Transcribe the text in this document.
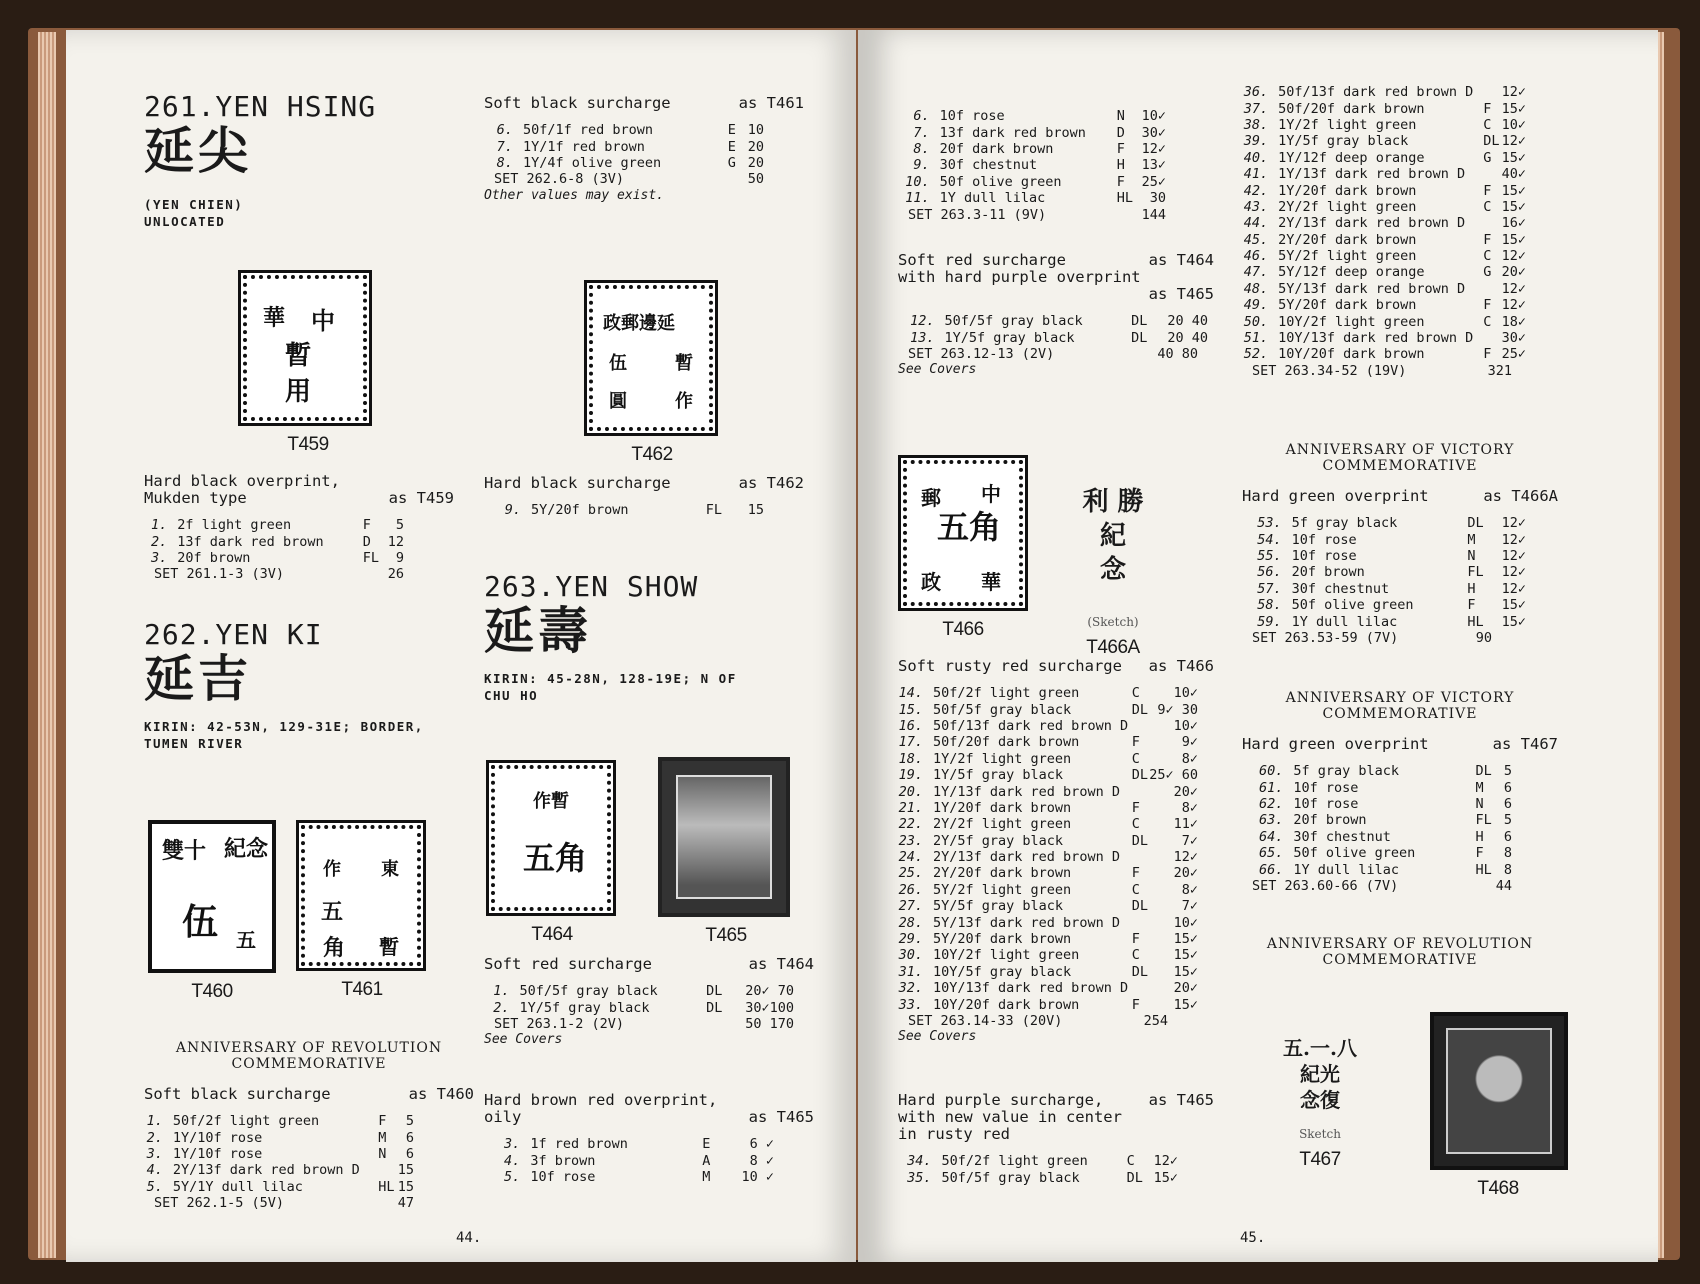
261.YEN HSING
延尖
(YEN CHIEN)
UNLOCATED
中
華
暫
用
T459
Hard black overprint,
Mukden type	as T459
1.	2f light green	F	5
2.	13f dark red brown	D	12
3.	20f brown	FL	9
SET 261.1-3 (3V)	26
262.YEN KI
延吉
KIRIN: 42-53N, 129-31E; BORDER,
TUMEN RIVER
雙十 紀念
伍 五
T460
作 東
五
角 暫
T461
ANNIVERSARY OF REVOLUTION
COMMEMORATIVE
Soft black surcharge	as T460
1.	50f/2f light green	F	5
2.	1Y/10f rose	M	6
3.	1Y/10f rose	N	6
4.	2Y/13f dark red brown D		15
5.	5Y/1Y dull lilac	HL	15
SET 262.1-5 (5V)	47
Soft black surcharge	as T461
6.	50f/1f red brown	E	10
7.	1Y/1f red brown	E	20
8.	1Y/4f olive green	G	20
SET 262.6-8 (3V)	50
Other values may exist.
政郵邊延
伍	暫
圓	作
T462
Hard black surcharge	as T462
9.	5Y/20f brown	FL	15
263.YEN SHOW
延壽
KIRIN: 45-28N, 128-19E; N OF
CHU HO
作暫
五角
T464	T465
Soft red surcharge	as T464
1.	50f/5f gray black	DL	20✓ 70
2.	1Y/5f gray black	DL	30✓100
SET 263.1-2 (2V)	50 170
See Covers
Hard brown red overprint,
oily	as T465
3.	1f red brown	E	6 ✓
4.	3f brown	A	8 ✓
5.	10f rose	M	10 ✓
44.
6.	10f rose	N	10✓
7.	13f dark red brown	D	30✓
8.	20f dark brown	F	12✓
9.	30f chestnut	H	13✓
10.	50f olive green	F	25✓
11.	1Y dull lilac	HL	30
SET 263.3-11 (9V)	144
Soft red surcharge	as T464
with hard purple overprint
as T465
12.	50f/5f gray black	DL	20 40
13.	1Y/5f gray black	DL	20 40
SET 263.12-13 (2V)	40 80
See Covers
郵 中
五角
政 華
T466
利 勝
紀
念
(Sketch)
T466A
Soft rusty red surcharge as T466
14.	50f/2f light green	C	10✓
15.	50f/5f gray black	DL	9✓ 30
16.	50f/13f dark red brown D		10✓
17.	50f/20f dark brown	F	9✓
18.	1Y/2f light green	C	8✓
19.	1Y/5f gray black	DL	25✓ 60
20.	1Y/13f dark red brown D		20✓
21.	1Y/20f dark brown	F	8✓
22.	2Y/2f light green	C	11✓
23.	2Y/5f gray black	DL	7✓
24.	2Y/13f dark red brown D		12✓
25.	2Y/20f dark brown	F	20✓
26.	5Y/2f light green	C	8✓
27.	5Y/5f gray black	DL	7✓
28.	5Y/13f dark red brown D		10✓
29.	5Y/20f dark brown	F	15✓
30.	10Y/2f light green	C	15✓
31.	10Y/5f gray black	DL	15✓
32.	10Y/13f dark red brown D		20✓
33.	10Y/20f dark brown	F	15✓
SET 263.14-33 (20V)	254
See Covers
Hard purple surcharge,	as T465
with new value in center
in rusty red
34.	50f/2f light green	C	12✓
35.	50f/5f gray black	DL	15✓
36.	50f/13f dark red brown D		12✓
37.	50f/20f dark brown	F	15✓
38.	1Y/2f light green	C	10✓
39.	1Y/5f gray black	DL	12✓
40.	1Y/12f deep orange	G	15✓
41.	1Y/13f dark red brown D		40✓
42.	1Y/20f dark brown	F	15✓
43.	2Y/2f light green	C	15✓
44.	2Y/13f dark red brown D		16✓
45.	2Y/20f dark brown	F	15✓
46.	5Y/2f light green	C	12✓
47.	5Y/12f deep orange	G	20✓
48.	5Y/13f dark red brown D		12✓
49.	5Y/20f dark brown	F	12✓
50.	10Y/2f light green	C	18✓
51.	10Y/13f dark red brown D		30✓
52.	10Y/20f dark brown	F	25✓
SET 263.34-52 (19V)	321
ANNIVERSARY OF VICTORY
COMMEMORATIVE
Hard green overprint	as T466A
53.	5f gray black	DL	12✓
54.	10f rose	M	12✓
55.	10f rose	N	12✓
56.	20f brown	FL	12✓
57.	30f chestnut	H	12✓
58.	50f olive green	F	15✓
59.	1Y dull lilac	HL	15✓
SET 263.53-59 (7V)	90
ANNIVERSARY OF VICTORY
COMMEMORATIVE
Hard green overprint	as T467
60.	5f gray black	DL	5
61.	10f rose	M	6
62.	10f rose	N	6
63.	20f brown	FL	5
64.	30f chestnut	H	6
65.	50f olive green	F	8
66.	1Y dull lilac	HL	8
SET 263.60-66 (7V)	44
ANNIVERSARY OF REVOLUTION
COMMEMORATIVE
五.一.八
紀光
念復
Sketch
T467
T468
45.
